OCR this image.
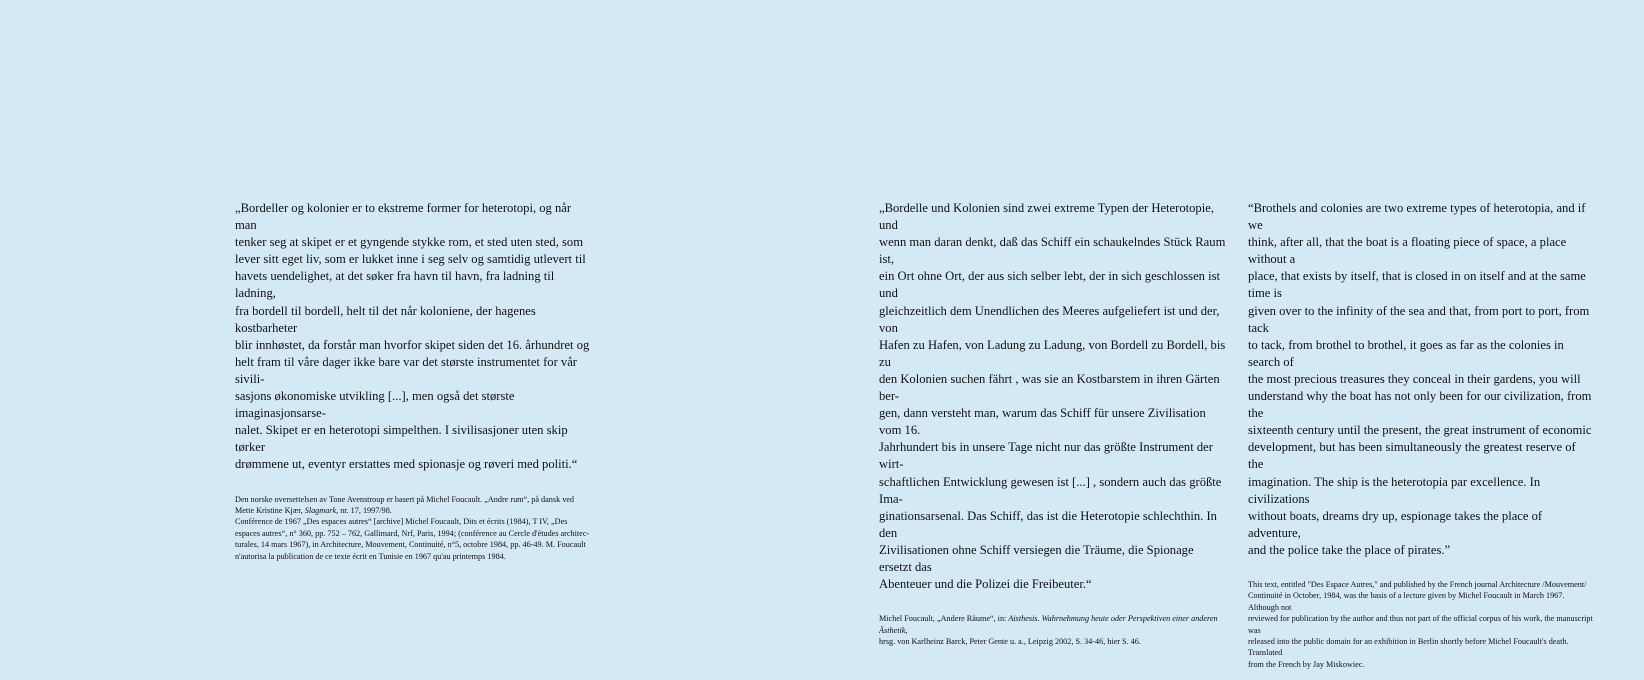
„Bordeller og kolonier er to ekstreme former for heterotopi, og når man
tenker seg at skipet er et gyngende stykke rom, et sted uten sted, som
lever sitt eget liv, som er lukket inne i seg selv og samtidig utlevert til
havets uendelighet, at det søker fra havn til havn, fra ladning til ladning,
fra bordell til bordell, helt til det når koloniene, der hagenes kostbarheter
blir innhøstet, da forstår man hvorfor skipet siden det 16. århundret og
helt fram til våre dager ikke bare var det største instrumentet for vår sivili-
sasjons økonomiske utvikling [...], men også det største imaginasjonsarse-
nalet. Skipet er en heterotopi simpelthen. I sivilisasjoner uten skip tørker
drømmene ut, eventyr erstattes med spionasje og røveri med politi.“

Den norske oversettelsen av Tone Avenstroup er basert på Michel Foucault. „Andre rum“, på dansk ved
Mette Kristine Kjær, Slagmark, nr. 17, 1997/98.
Conférence de 1967 „Des espaces autres“ [archive] Michel Foucault, Dits et écrits (1984), T IV, „Des
espaces autres“, n° 360, pp. 752 – 762, Gallimard, Nrf, Paris, 1994; (conférence au Cercle d'études architec-
turales, 14 mars 1967), in Architecture, Mouvement, Continuité, n°5, octobre 1984, pp. 46-49. M. Foucault
n'autorisa la publication de ce texte écrit en Tunisie en 1967 qu'au printemps 1984.

„Bordelle und Kolonien sind zwei extreme Typen der Heterotopie, und
wenn man daran denkt, daß das Schiff ein schaukelndes Stück Raum ist,
ein Ort ohne Ort, der aus sich selber lebt, der in sich geschlossen ist und
gleichzeitlich dem Unendlichen des Meeres aufgeliefert ist und der, von
Hafen zu Hafen, von Ladung zu Ladung, von Bordell zu Bordell, bis zu
den Kolonien suchen fährt , was sie an Kostbarstem in ihren Gärten ber-
gen, dann versteht man, warum das Schiff für unsere Zivilisation vom 16.
Jahrhundert bis in unsere Tage nicht nur das größte Instrument der wirt-
schaftlichen Entwicklung gewesen ist [...] , sondern auch das größte Ima-
ginationsarsenal. Das Schiff, das ist die Heterotopie schlechthin. In den
Zivilisationen ohne Schiff versiegen die Träume, die Spionage ersetzt das
Abenteuer und die Polizei die Freibeuter.“

Michel Foucault, „Andere Räume“, in: Aisthesis. Wahrnehmung heute oder Perspektiven einer anderen Ästhetik,
hrsg. von Karlheinz Barck, Peter Gente u. a., Leipzig 2002, S. 34-46, hier S. 46.

“Brothels and colonies are two extreme types of heterotopia, and if we
think, after all, that the boat is a floating piece of space, a place without a
place, that exists by itself, that is closed in on itself and at the same time is
given over to the infinity of the sea and that, from port to port, from tack
to tack, from brothel to brothel, it goes as far as the colonies in search of
the most precious treasures they conceal in their gardens, you will
understand why the boat has not only been for our civilization, from the
sixteenth century until the present, the great instrument of economic
development, but has been simultaneously the greatest reserve of the
imagination. The ship is the heterotopia par excellence. In civilizations
without boats, dreams dry up, espionage takes the place of adventure,
and the police take the place of pirates.”

This text, entitled "Des Espace Autres," and published by the French journal Architecture /Mouvement/
Continuité in October, 1984, was the basis of a lecture given by Michel Foucault in March 1967. Although not
reviewed for publication by the author and thus not part of the official corpus of his work, the manuscript was
released into the public domain for an exhibition in Berlin shortly before Michel Foucault's death. Translated
from the French by Jay Miskowiec.
